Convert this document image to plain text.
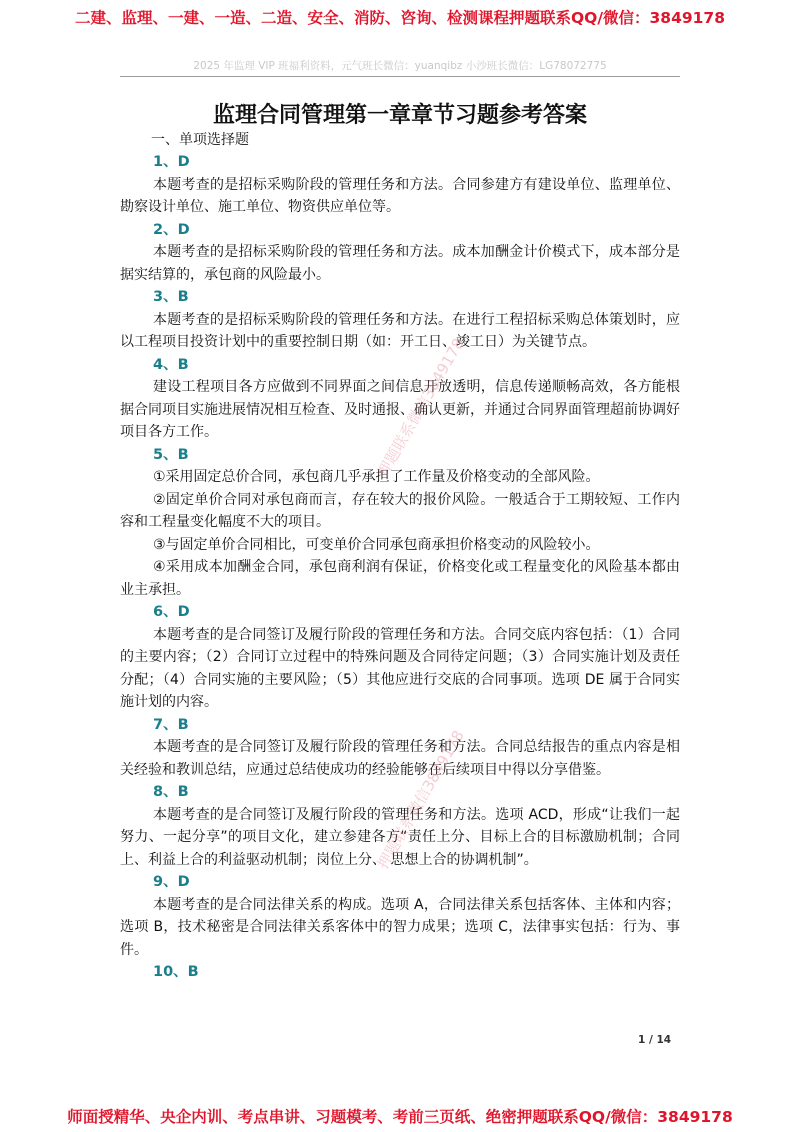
二建、监理、一建、一造、二造、安全、消防、咨询、检测课程押题联系QQ/微信：3849178
2025 年监理 VIP 班福利资料，元气班长微信：yuanqibz 小沙班长微信：LG78072775
监理合同管理第一章章节习题参考答案
一、单项选择题
1、D

本题考查的是招标采购阶段的管理任务和方法。合同参建方有建设单位、监理单位、勘察设计单位、施工单位、物资供应单位等。

2、D

本题考查的是招标采购阶段的管理任务和方法。成本加酬金计价模式下，成本部分是据实结算的，承包商的风险最小。

3、B

本题考查的是招标采购阶段的管理任务和方法。在进行工程招标采购总体策划时，应以工程项目投资计划中的重要控制日期（如：开工日、竣工日）为关键节点。

4、B

建设工程项目各方应做到不同界面之间信息开放透明，信息传递顺畅高效，各方能根据合同项目实施进展情况相互检查、及时通报、确认更新，并通过合同界面管理超前协调好项目各方工作。

5、B

①采用固定总价合同，承包商几乎承担了工作量及价格变动的全部风险。

②固定单价合同对承包商而言，存在较大的报价风险。一般适合于工期较短、工作内容和工程量变化幅度不大的项目。

③与固定单价合同相比，可变单价合同承包商承担价格变动的风险较小。

④采用成本加酬金合同，承包商利润有保证，价格变化或工程量变化的风险基本都由业主承担。

6、D

本题考查的是合同签订及履行阶段的管理任务和方法。合同交底内容包括：（1）合同的主要内容；（2）合同订立过程中的特殊问题及合同待定问题；（3）合同实施计划及责任分配；（4）合同实施的主要风险；（5）其他应进行交底的合同事项。选项 DE 属于合同实施计划的内容。

7、B

本题考查的是合同签订及履行阶段的管理任务和方法。合同总结报告的重点内容是相关经验和教训总结，应通过总结使成功的经验能够在后续项目中得以分享借鉴。

8、B

本题考查的是合同签订及履行阶段的管理任务和方法。选项 ACD，形成“让我们一起努力、一起分享”的项目文化，建立参建各方“责任上分、目标上合的目标激励机制；合同上、利益上合的利益驱动机制；岗位上分、 思想上合的协调机制”。

9、D

本题考查的是合同法律关系的构成。选项 A，合同法律关系包括客体、主体和内容；选项 B，技术秘密是合同法律关系客体中的智力成果；选项 C，法律事实包括：行为、事件。

10、B
押题联系微信3849178
押题联系微信3849178
1 / 14
师面授精华、央企内训、考点串讲、习题模考、考前三页纸、绝密押题联系QQ/微信：3849178
